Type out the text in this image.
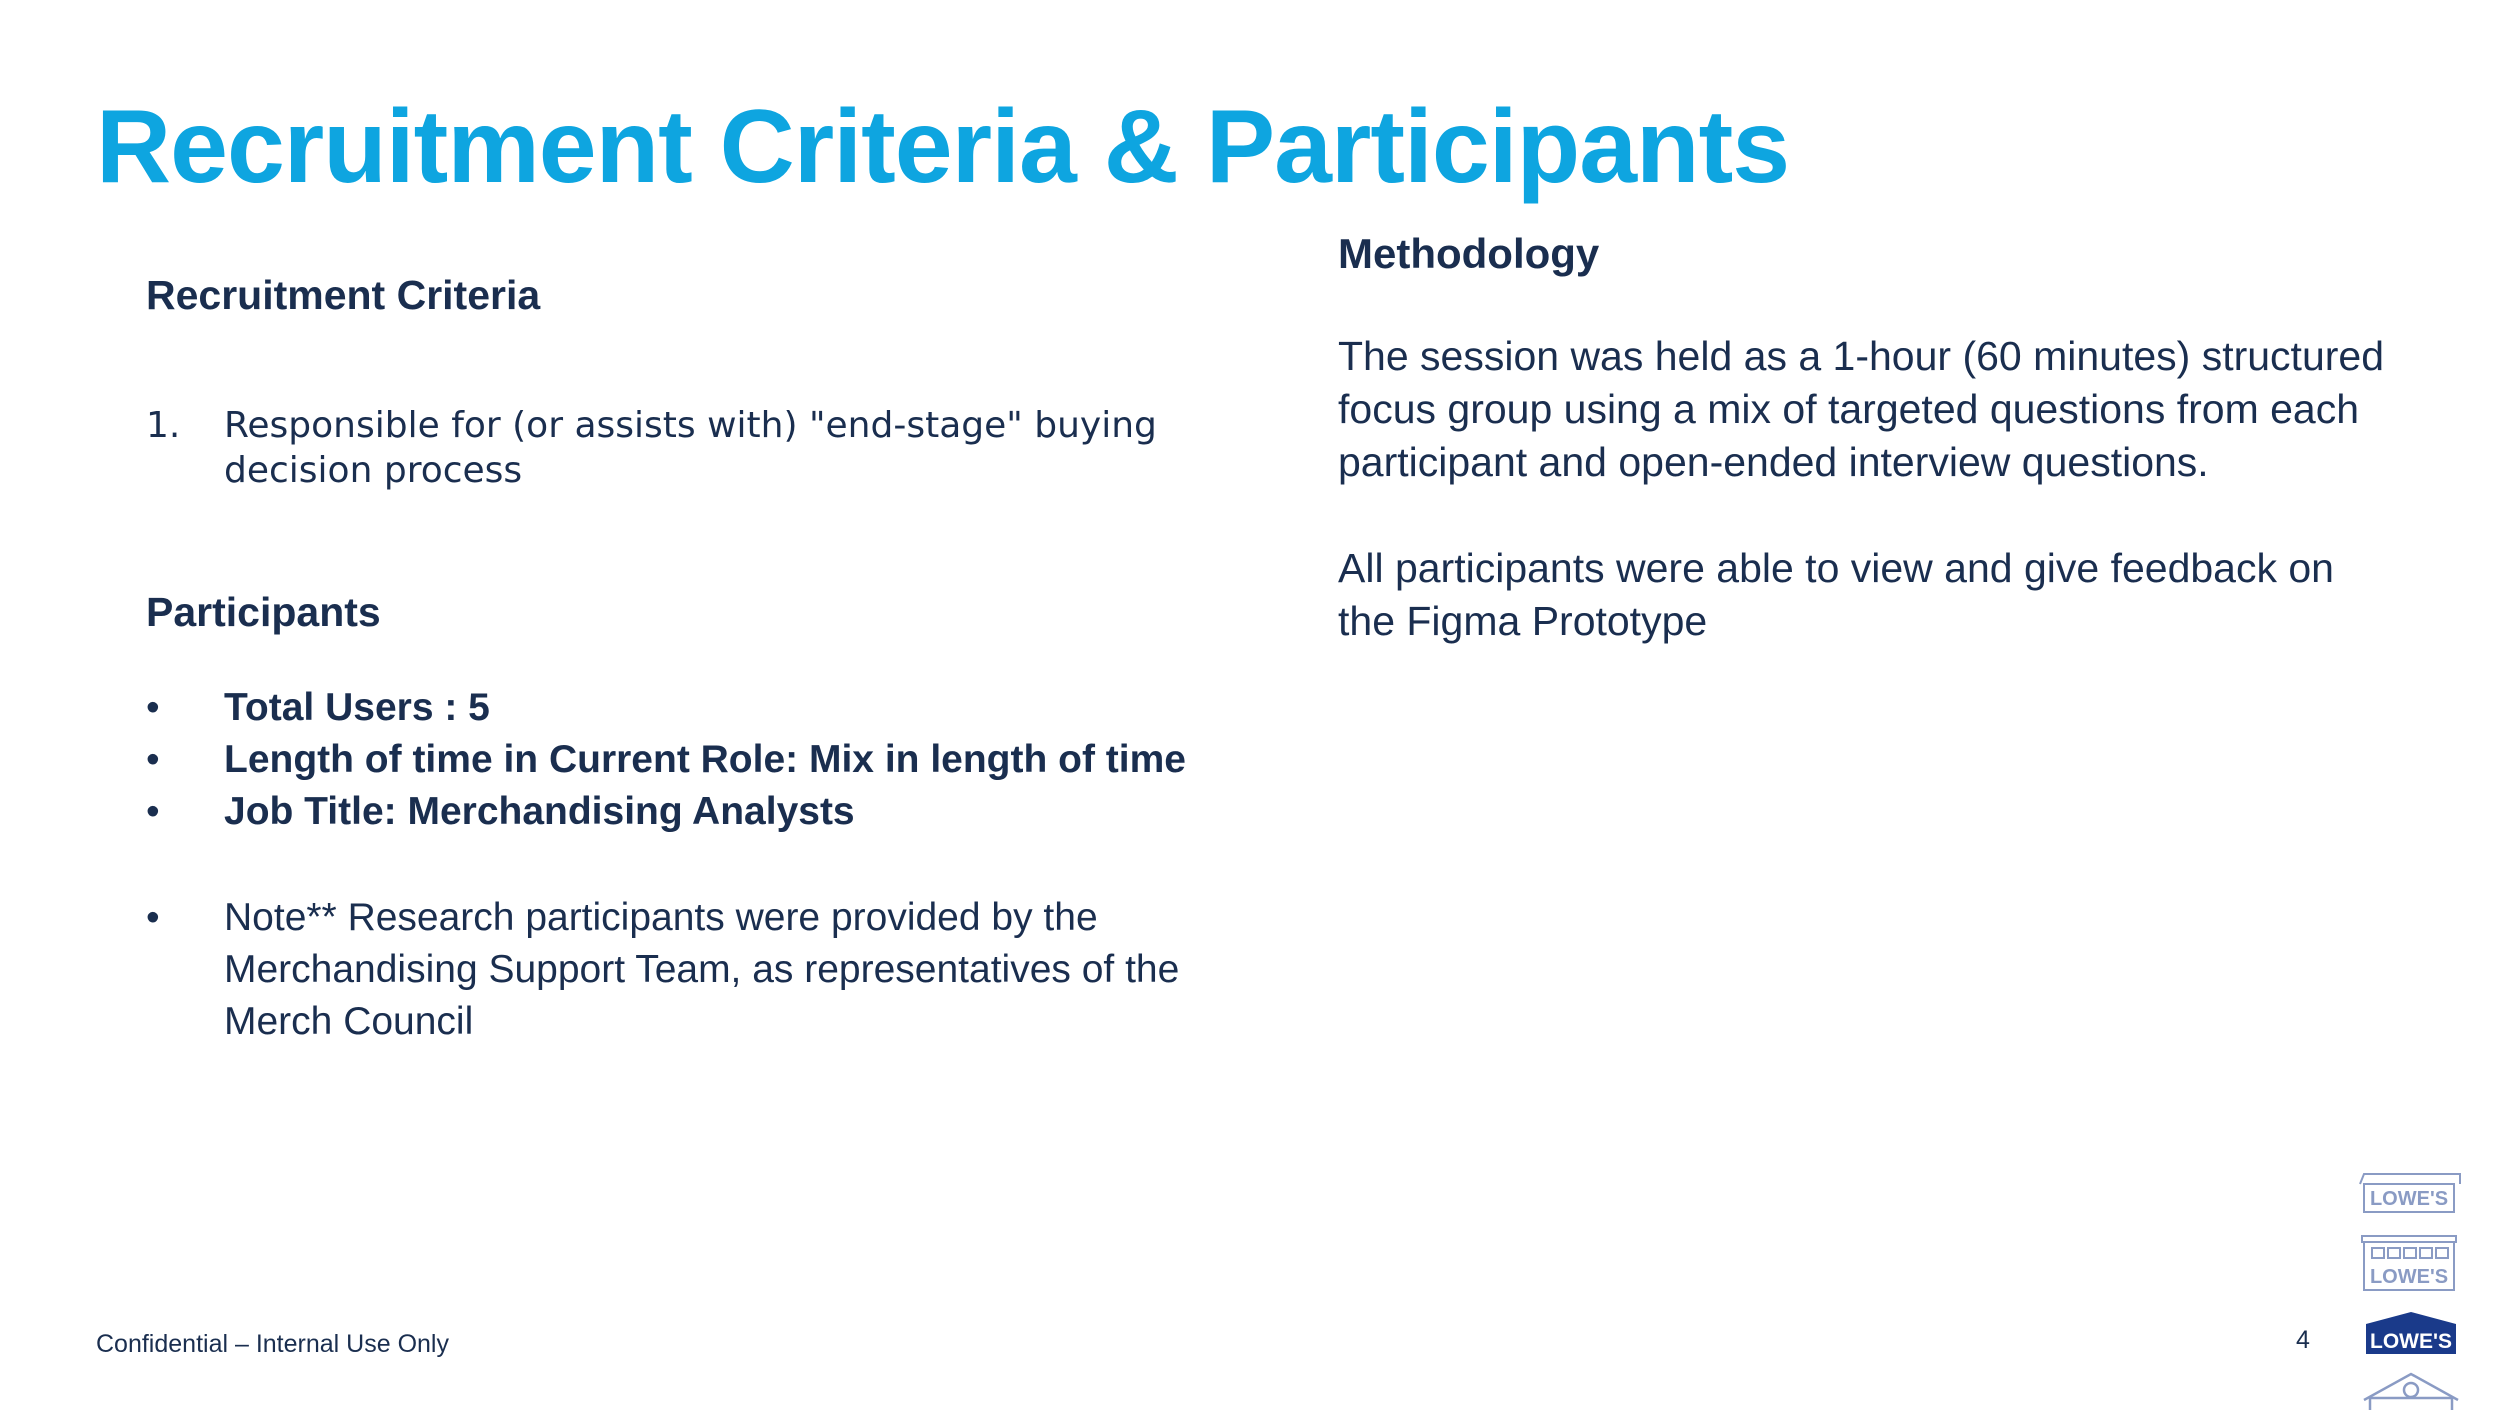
Recruitment Criteria & Participants
Recruitment Criteria
1. Responsible for (or assists with) "end-stage" buying decision process
Participants
• Total Users : 5
• Length of time in Current Role: Mix in length of time
• Job Title: Merchandising Analysts
• Note** Research participants were provided by the Merchandising Support Team, as representatives of the Merch Council
Methodology

The session was held as a 1-hour (60 minutes) structured focus group using a mix of targeted questions from each participant and open-ended interview questions.

All participants were able to view and give feedback on the Figma Prototype

Confidential – Internal Use Only	4
LOWE'S
LOWE'S
LOWE'S
